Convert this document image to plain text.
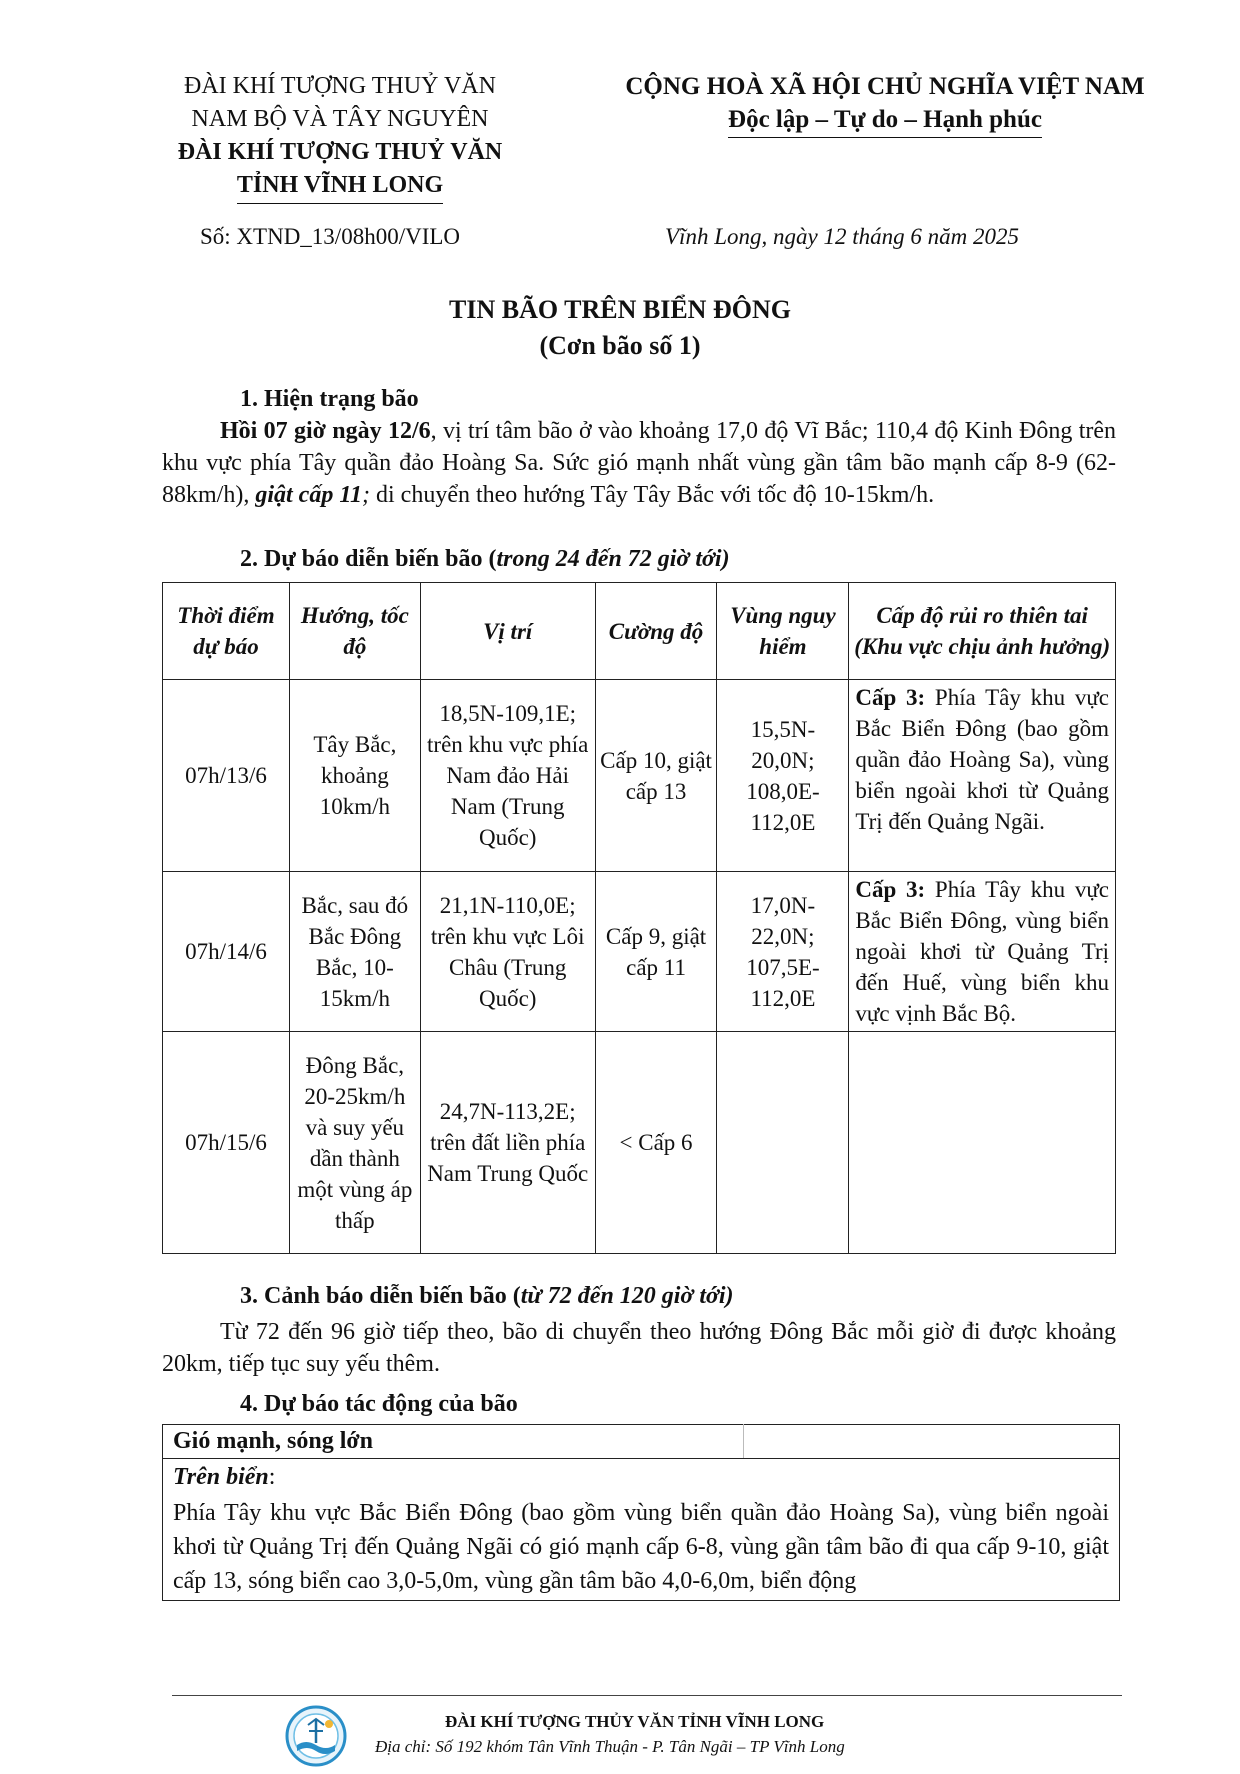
ĐÀI KHÍ TƯỢNG THUỶ VĂN
NAM BỘ VÀ TÂY NGUYÊN
ĐÀI KHÍ TƯỢNG THUỶ VĂN
TỈNH VĨNH LONG
Số: XTND_13/08h00/VILO
CỘNG HOÀ XÃ HỘI CHỦ NGHĨA VIỆT NAM
Độc lập – Tự do – Hạnh phúc
Vĩnh Long, ngày 12 tháng 6 năm 2025
TIN BÃO TRÊN BIỂN ĐÔNG
(Cơn bão số 1)
1. Hiện trạng bão
Hồi 07 giờ ngày 12/6, vị trí tâm bão ở vào khoảng 17,0 độ Vĩ Bắc; 110,4 độ Kinh Đông trên khu vực phía Tây quần đảo Hoàng Sa. Sức gió mạnh nhất vùng gần tâm bão mạnh cấp 8-9 (62-88km/h), giật cấp 11; di chuyển theo hướng Tây Tây Bắc với tốc độ 10-15km/h.
2. Dự báo diễn biến bão (trong 24 đến 72 giờ tới)
Thời điểm dự báo	Hướng, tốc độ	Vị trí	Cường độ	Vùng nguy hiểm	Cấp độ rủi ro thiên tai (Khu vực chịu ảnh hưởng)
07h/13/6	Tây Bắc, khoảng 10km/h	18,5N-109,1E; trên khu vực phía Nam đảo Hải Nam (Trung Quốc)	Cấp 10, giật cấp 13	15,5N-20,0N; 108,0E-112,0E	Cấp 3: Phía Tây khu vực Bắc Biển Đông (bao gồm quần đảo Hoàng Sa), vùng biển ngoài khơi từ Quảng Trị đến Quảng Ngãi.
07h/14/6	Bắc, sau đó Bắc Đông Bắc, 10-15km/h	21,1N-110,0E; trên khu vực Lôi Châu (Trung Quốc)	Cấp 9, giật cấp 11	17,0N-22,0N; 107,5E-112,0E	Cấp 3: Phía Tây khu vực Bắc Biển Đông, vùng biển ngoài khơi từ Quảng Trị đến Huế, vùng biển khu vực vịnh Bắc Bộ.
07h/15/6	Đông Bắc, 20-25km/h và suy yếu dần thành một vùng áp thấp	24,7N-113,2E; trên đất liền phía Nam Trung Quốc	< Cấp 6		
3. Cảnh báo diễn biến bão (từ 72 đến 120 giờ tới)
Từ 72 đến 96 giờ tiếp theo, bão di chuyển theo hướng Đông Bắc mỗi giờ đi được khoảng 20km, tiếp tục suy yếu thêm.
4. Dự báo tác động của bão
Gió mạnh, sóng lớn	

Trên biển:
Phía Tây khu vực Bắc Biển Đông (bao gồm vùng biển quần đảo Hoàng Sa), vùng biển ngoài khơi từ Quảng Trị đến Quảng Ngãi có gió mạnh cấp 6-8, vùng gần tâm bão đi qua cấp 9-10, giật cấp 13, sóng biển cao 3,0-5,0m, vùng gần tâm bão 4,0-6,0m, biển động
ĐÀI KHÍ TƯỢNG THỦY VĂN TỈNH VĨNH LONG
Địa chỉ: Số 192 khóm Tân Vĩnh Thuận - P. Tân Ngãi – TP Vĩnh Long
